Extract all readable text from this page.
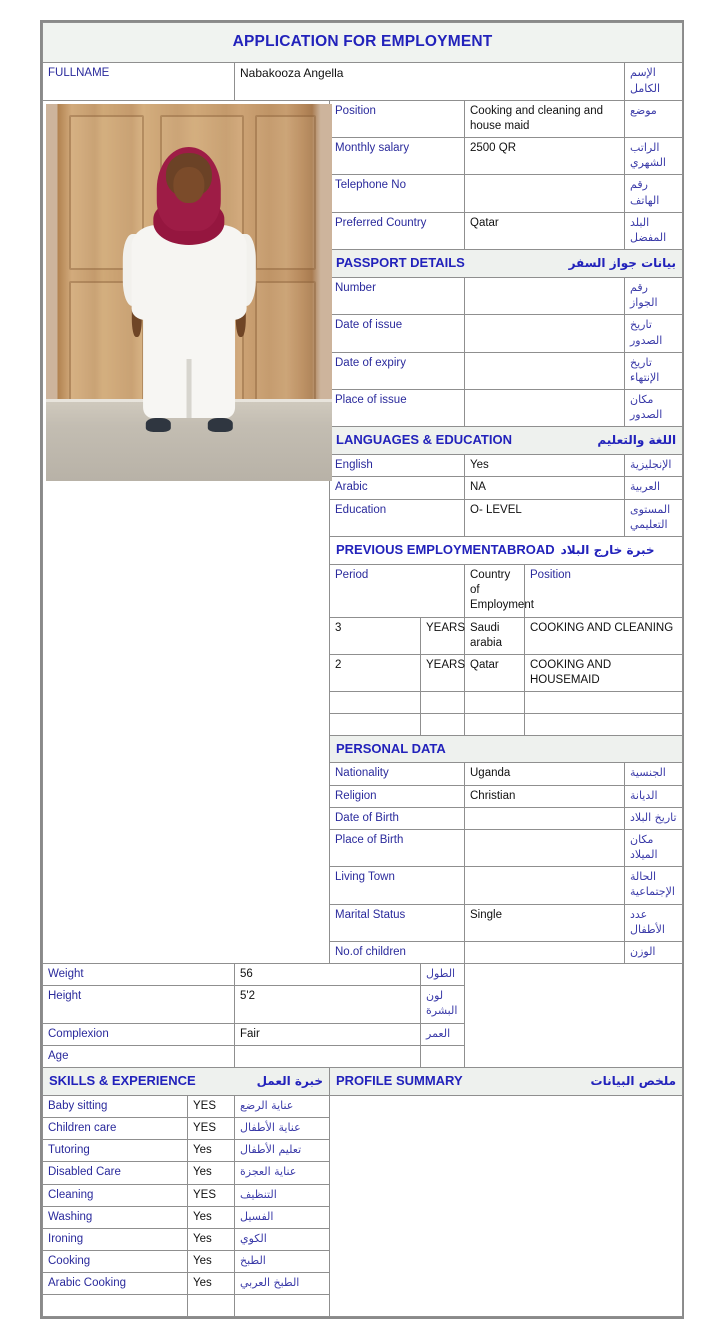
APPLICATION FOR EMPLOYMENT							
FULLNAME		Nabakooza Angella					الإسم الكامل

			Position		Cooking and cleaning and house maid		موضع
			Monthly salary		2500 QR		الراتب الشهري
			Telephone No				رقم الهاتف
			Preferred Country		Qatar		البلد المفضل

			PASSPORT DETAILS بيانات جواز السفر				

			Number				رقم الجواز
			Date of issue				تاريخ الصدور
			Date of expiry				تاريخ الإنتهاء
			Place of issue				مكان الصدور

			LANGUAGES & EDUCATION اللغة والتعليم				

			English		Yes		الإنجليزية
			Arabic		NA		العربية
			Education		O- LEVEL		المستوى التعليمي
			PREVIOUS EMPLOYMENTABROAD خبرة خارج البلاد				
			Period		Country of Employment	Position	
			3	YEARS	Saudi arabia	COOKING AND CLEANING	
			2	YEARS	Qatar	COOKING AND HOUSEMAID	

			PERSONAL DATA				

			Nationality		Uganda		الجنسية
			Religion		Christian		الديانة
			Date of Birth				تاريخ البلاد
			Place of Birth				مكان الميلاد
			Living Town				الحالة الإجتماعية
			Marital Status		Single		عدد الأطفال
			No.of children				الوزن
Weight		56		الطول			
Height		5'2		لون البشرة			
Complexion		Fair		العمر			
Age							

SKILLS & EXPERIENCE خبرة العمل			PROFILE SUMMARY ملخص البيانات				

Baby sitting	YES	عناية الرضع					
Children care	YES	عناية الأطفال					
Tutoring	Yes	تعليم الأطفال					
Disabled Care	Yes	عناية العجزة					
Cleaning	YES	التنظيف					
Washing	Yes	الفسيل					
Ironing	Yes	الكوي					
Cooking	Yes	الطبخ					
Arabic Cooking	Yes	الطبخ العربي					
